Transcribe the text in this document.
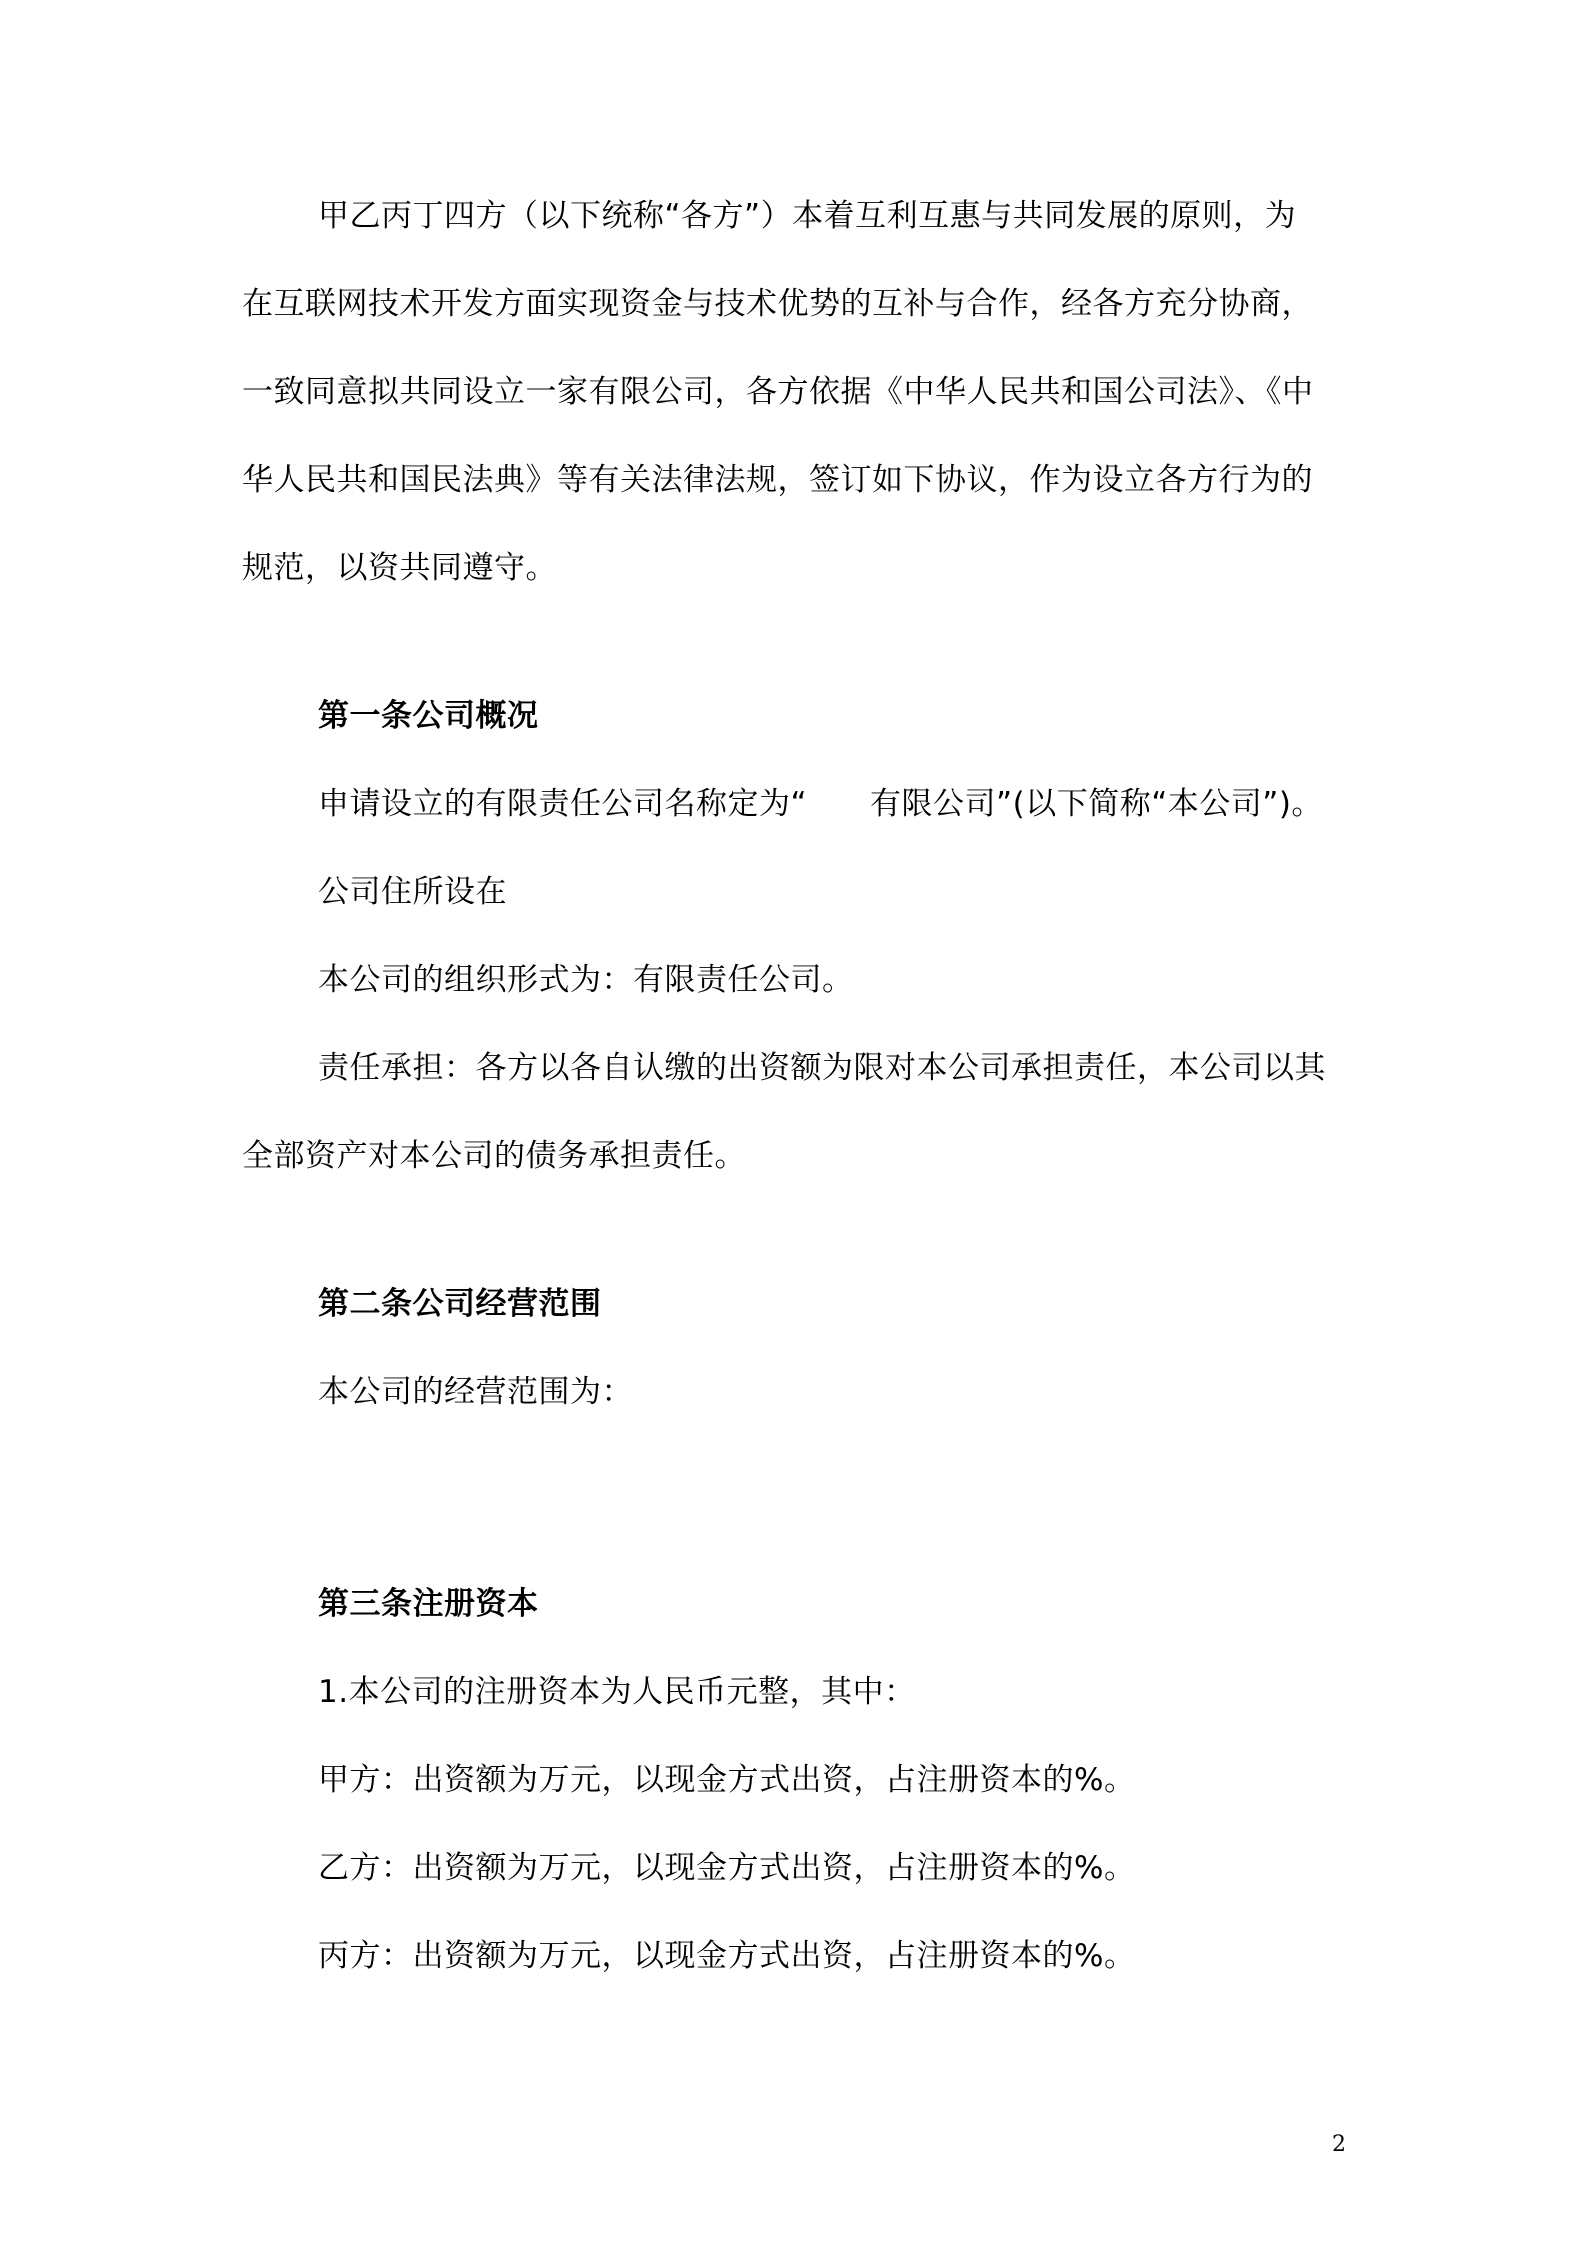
甲乙丙丁四方（以下统称“各方”）本着互利互惠与共同发展的原则，为
在互联网技术开发方面实现资金与技术优势的互补与合作，经各方充分协商，
一致同意拟共同设立一家有限公司，各方依据《中华人民共和国公司法》、《中
华人民共和国民法典》等有关法律法规，签订如下协议，作为设立各方行为的
规范，以资共同遵守。
第一条公司概况
申请设立的有限责任公司名称定为“　　有限公司”(以下简称“本公司”)。
公司住所设在
本公司的组织形式为：有限责任公司。
责任承担：各方以各自认缴的出资额为限对本公司承担责任，本公司以其
全部资产对本公司的债务承担责任。
第二条公司经营范围
本公司的经营范围为：
第三条注册资本
1.本公司的注册资本为人民币元整，其中：
甲方：出资额为万元，以现金方式出资，占注册资本的%。
乙方：出资额为万元，以现金方式出资，占注册资本的%。
丙方：出资额为万元，以现金方式出资，占注册资本的%。
2
